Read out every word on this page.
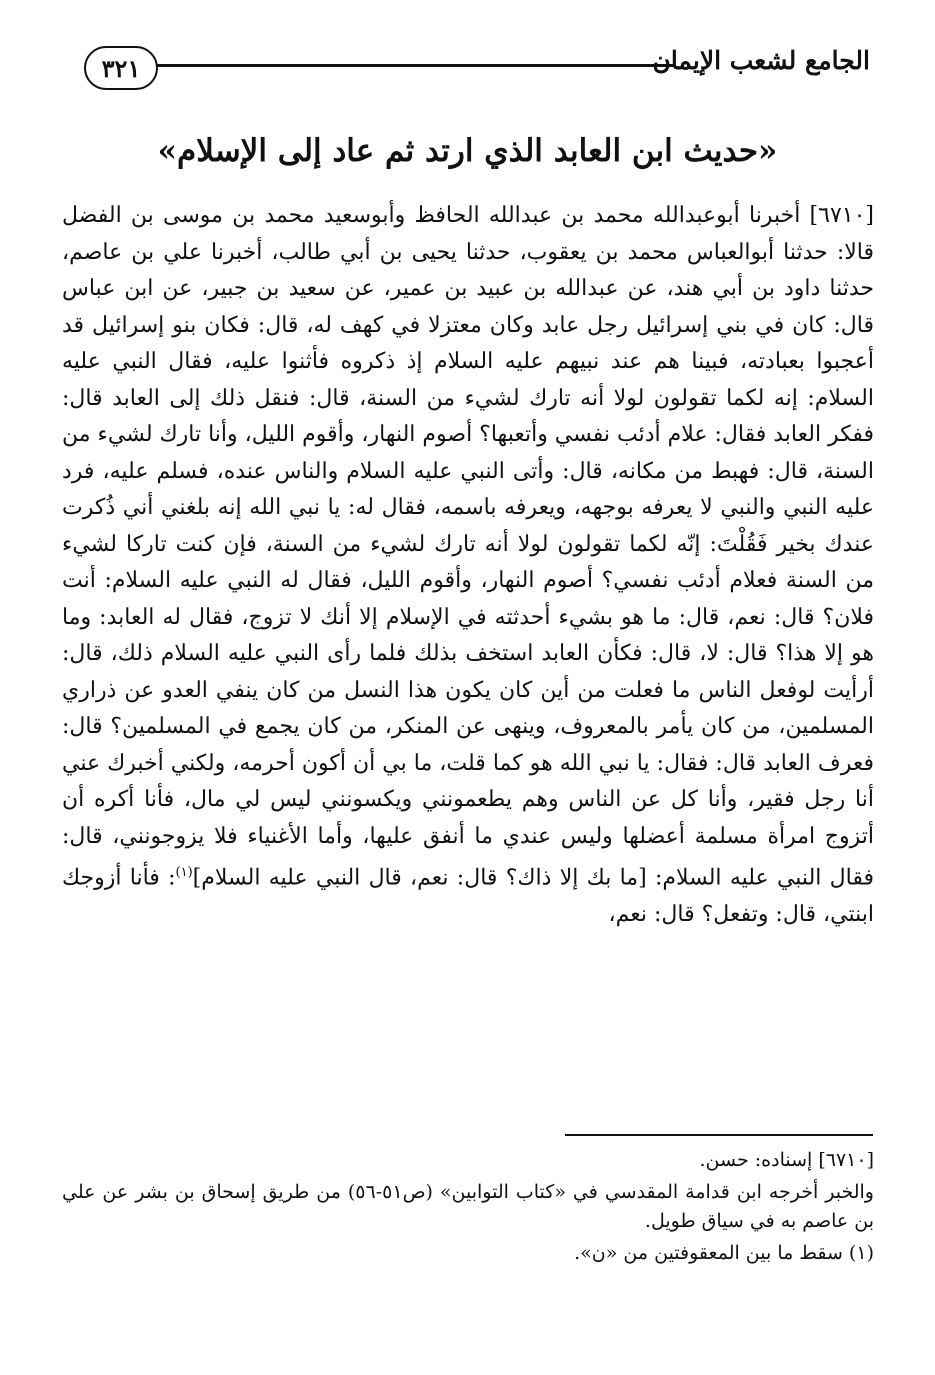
٣٢١	الجامع لشعب الإيمان
«حديث ابن العابد الذي ارتد ثم عاد إلى الإسلام»

[٦٧١٠] أخبرنا أبوعبدالله محمد بن عبدالله الحافظ وأبوسعيد محمد بن موسى بن الفضل قالا: حدثنا أبوالعباس محمد بن يعقوب، حدثنا يحيى بن أبي طالب، أخبرنا علي بن عاصم، حدثنا داود بن أبي هند، عن عبدالله بن عبيد بن عمير، عن سعيد بن جبير، عن ابن عباس قال: كان في بني إسرائيل رجل عابد وكان معتزلا في كهف له، قال: فكان بنو إسرائيل قد أعجبوا بعبادته، فبينا هم عند نبيهم عليه السلام إذ ذكروه فأثنوا عليه، فقال النبي عليه السلام: إنه لكما تقولون لولا أنه تارك لشيء من السنة، قال: فنقل ذلك إلى العابد قال: ففكر العابد فقال: علام أدئب نفسي وأتعبها؟ أصوم النهار، وأقوم الليل، وأنا تارك لشيء من السنة، قال: فهبط من مكانه، قال: وأتى النبي عليه السلام والناس عنده، فسلم عليه، فرد عليه النبي والنبي لا يعرفه بوجهه، ويعرفه باسمه، فقال له: يا نبي الله إنه بلغني أني ذُكرت عندك بخير فَقُلْتَ: إنّه لكما تقولون لولا أنه تارك لشيء من السنة، فإن كنت تاركا لشيء من السنة فعلام أدئب نفسي؟ أصوم النهار، وأقوم الليل، فقال له النبي عليه السلام: أنت فلان؟ قال: نعم، قال: ما هو بشيء أحدثته في الإسلام إلا أنك لا تزوج، فقال له العابد: وما هو إلا هذا؟ قال: لا، قال: فكأن العابد استخف بذلك فلما رأى النبي عليه السلام ذلك، قال: أرأيت لوفعل الناس ما فعلت من أين كان يكون هذا النسل من كان ينفي العدو عن ذراري المسلمين، من كان يأمر بالمعروف، وينهى عن المنكر، من كان يجمع في المسلمين؟ قال: فعرف العابد قال: فقال: يا نبي الله هو كما قلت، ما بي أن أكون أحرمه، ولكني أخبرك عني أنا رجل فقير، وأنا كل عن الناس وهم يطعمونني ويكسونني ليس لي مال، فأنا أكره أن أتزوج امرأة مسلمة أعضلها وليس عندي ما أنفق عليها، وأما الأغنياء فلا يزوجونني، قال: فقال النبي عليه السلام: [ما بك إلا ذاك؟ قال: نعم، قال النبي عليه السلام]$^{(١)}$: فأنا أزوجك ابنتي، قال: وتفعل؟ قال: نعم،

[٦٧١٠] إسناده: حسن.

والخبر أخرجه ابن قدامة المقدسي في «كتاب التوابين» (ص٥١-٥٦) من طريق إسحاق بن بشر عن علي بن عاصم به في سياق طويل.

(١) سقط ما بين المعقوفتين من «ن».
